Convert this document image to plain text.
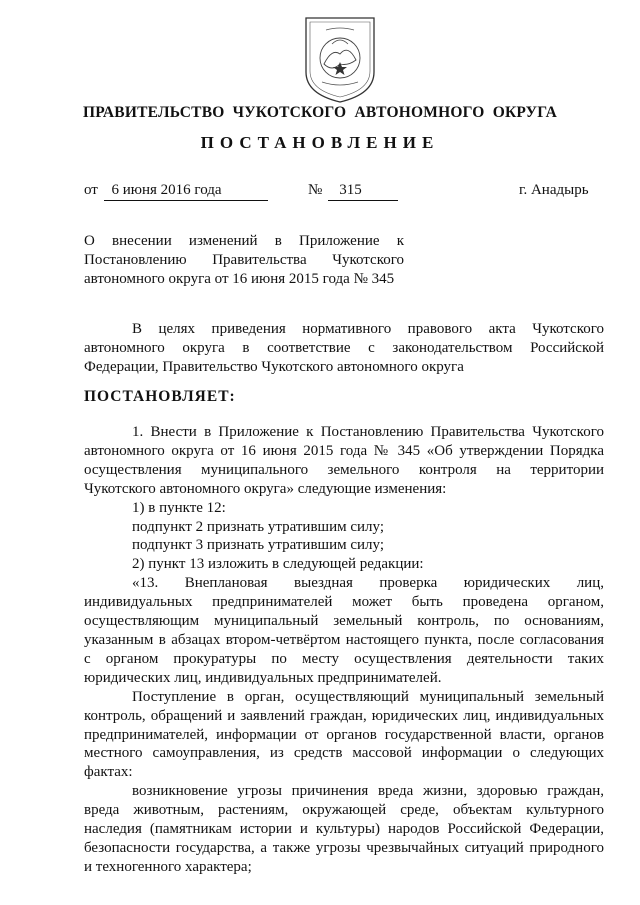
ПРАВИТЕЛЬСТВО  ЧУКОТСКОГО  АВТОНОМНОГО  ОКРУГА
ПОСТАНОВЛЕНИЕ
от 6 июня 2016 года	№	315	г. Анадырь

О внесении изменений в Приложение к

Постановлению Правительства Чукотского

автономного округа от 16 июня 2015 года № 345

В целях приведения нормативного правового акта Чукотского

автономного округа в соответствие с законодательством Российской

Федерации, Правительство Чукотского автономного округа

ПОСТАНОВЛЯЕТ:

1. Внести в Приложение к Постановлению Правительства Чукотского

автономного округа от 16 июня 2015 года № 345 «Об утверждении Порядка

осуществления муниципального земельного контроля на территории

Чукотского автономного округа» следующие изменения:

1) в пункте 12:

подпункт 2 признать утратившим силу;

подпункт 3 признать утратившим силу;

2) пункт 13 изложить в следующей редакции:

«13. Внеплановая выездная проверка юридических лиц,

индивидуальных предпринимателей может быть проведена органом,

осуществляющим муниципальный земельный контроль, по основаниям,

указанным в абзацах втором-четвёртом настоящего пункта, после согласования

с органом прокуратуры по месту осуществления деятельности таких

юридических лиц, индивидуальных предпринимателей.

Поступление в орган, осуществляющий муниципальный земельный

контроль, обращений и заявлений граждан, юридических лиц, индивидуальных

предпринимателей, информации от органов государственной власти, органов

местного самоуправления, из средств массовой информации о следующих

фактах:

возникновение угрозы причинения вреда жизни, здоровью граждан,

вреда животным, растениям, окружающей среде, объектам культурного

наследия (памятникам истории и культуры) народов Российской Федерации,

безопасности государства, а также угрозы чрезвычайных ситуаций природного

и техногенного характера;
